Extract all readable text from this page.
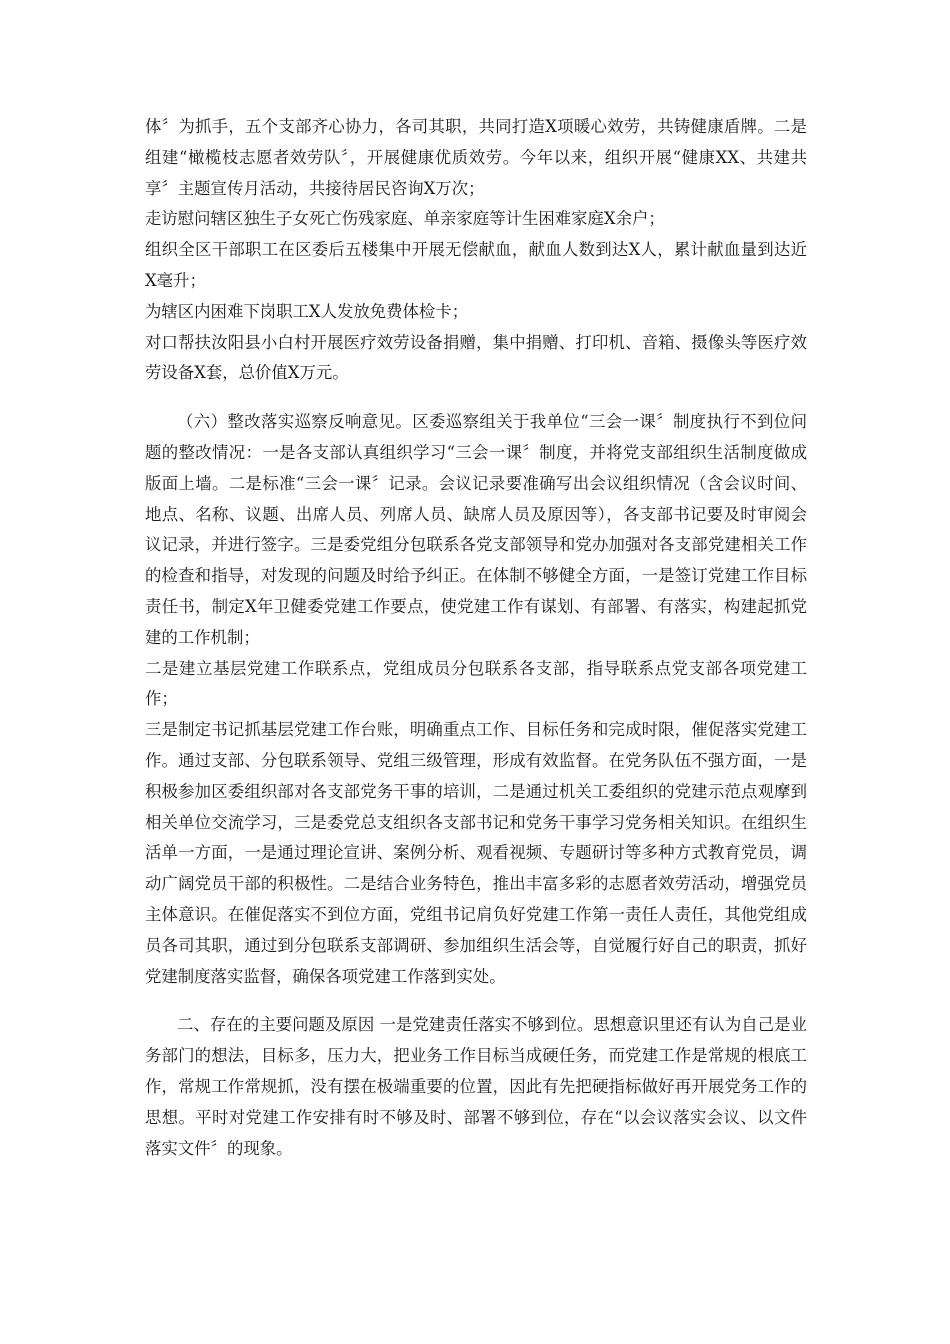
体〞为抓手，五个支部齐心协力，各司其职，共同打造X项暖心效劳，共铸健康盾牌。二是组建“橄榄枝志愿者效劳队〞，开展健康优质效劳。今年以来，组织开展“健康XX、共建共享〞主题宣传月活动，共接待居民咨询X万次；

走访慰问辖区独生子女死亡伤残家庭、单亲家庭等计生困难家庭X余户；

组织全区干部职工在区委后五楼集中开展无偿献血，献血人数到达X人，累计献血量到达近X毫升；

为辖区内困难下岗职工X人发放免费体检卡；

对口帮扶汝阳县小白村开展医疗效劳设备捐赠，集中捐赠、打印机、音箱、摄像头等医疗效劳设备X套，总价值X万元。

（六）整改落实巡察反响意见。区委巡察组关于我单位“三会一课〞制度执行不到位问题的整改情况：一是各支部认真组织学习“三会一课〞制度，并将党支部组织生活制度做成版面上墙。二是标准“三会一课〞记录。会议记录要准确写出会议组织情况（含会议时间、地点、名称、议题、出席人员、列席人员、缺席人员及原因等），各支部书记要及时审阅会议记录，并进行签字。三是委党组分包联系各党支部领导和党办加强对各支部党建相关工作的检查和指导，对发现的问题及时给予纠正。在体制不够健全方面，一是签订党建工作目标责任书，制定X年卫健委党建工作要点，使党建工作有谋划、有部署、有落实，构建起抓党建的工作机制；

二是建立基层党建工作联系点，党组成员分包联系各支部，指导联系点党支部各项党建工作；

三是制定书记抓基层党建工作台账，明确重点工作、目标任务和完成时限，催促落实党建工作。通过支部、分包联系领导、党组三级管理，形成有效监督。在党务队伍不强方面，一是积极参加区委组织部对各支部党务干事的培训，二是通过机关工委组织的党建示范点观摩到相关单位交流学习，三是委党总支组织各支部书记和党务干事学习党务相关知识。在组织生活单一方面，一是通过理论宣讲、案例分析、观看视频、专题研讨等多种方式教育党员，调动广阔党员干部的积极性。二是结合业务特色，推出丰富多彩的志愿者效劳活动，增强党员主体意识。在催促落实不到位方面，党组书记肩负好党建工作第一责任人责任，其他党组成员各司其职，通过到分包联系支部调研、参加组织生活会等，自觉履行好自己的职责，抓好党建制度落实监督，确保各项党建工作落到实处。

二、存在的主要问题及原因 一是党建责任落实不够到位。思想意识里还有认为自己是业务部门的想法，目标多，压力大，把业务工作目标当成硬任务，而党建工作是常规的根底工作，常规工作常规抓，没有摆在极端重要的位置，因此有先把硬指标做好再开展党务工作的思想。平时对党建工作安排有时不够及时、部署不够到位，存在“以会议落实会议、以文件落实文件〞的现象。
